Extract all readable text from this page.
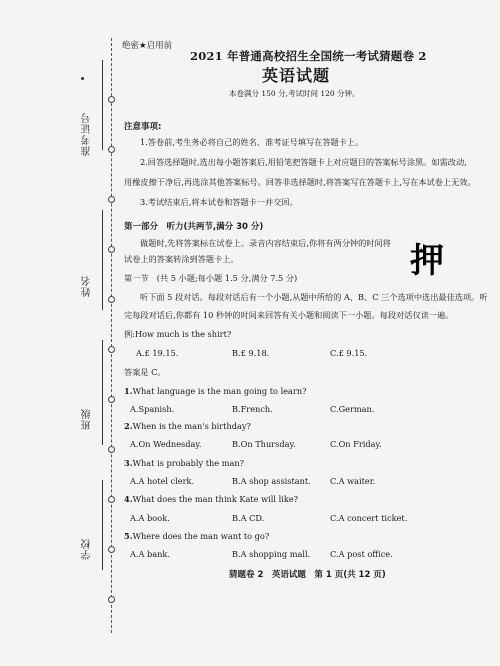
准考证号
姓名
班级
学校
绝密★启用前
2021 年普通高校招生全国统一考试猜题卷 2
英语试题
本卷满分 150 分,考试时间 120 分钟。
注意事项:
1.答卷前,考生务必将自己的姓名、准考证号填写在答题卡上。
2.回答选择题时,选出每小题答案后,用铅笔把答题卡上对应题目的答案标号涂黑。如需改动,
用橡皮擦干净后,再选涂其他答案标号。回答非选择题时,将答案写在答题卡上,写在本试卷上无效。
3.考试结束后,将本试卷和答题卡一并交回。
第一部分　听力(共两节,满分 30 分)
做题时,先将答案标在试卷上。录音内容结束后,你将有两分钟的时间将
试卷上的答案转涂到答题卡上。	押
第一节　(共 5 小题;每小题 1.5 分,满分 7.5 分)
听下面 5 段对话。每段对话后有一个小题,从题中所给的 A、B、C 三个选项中选出最佳选项。听
完每段对话后,你都有 10 秒钟的时间来回答有关小题和阅读下一小题。每段对话仅读一遍。
例:How much is the shirt?
A.£ 19.15.	B.£ 9.18.	C.£ 9.15.
答案是 C。
1.What language is the man going to learn?
A.Spanish.	B.French.	C.German.
2.When is the man's birthday?
A.On Wednesday.	B.On Thursday.	C.On Friday.
3.What is probably the man?
A.A hotel clerk.	B.A shop assistant. C.A waiter.
4.What does the man think Kate will like?
A.A book.	B.A CD.	C.A concert ticket.
5.Where does the man want to go?
A.A bank.	B.A shopping mall. C.A post office.
猜题卷 2　英语试题　第 1 页(共 12 页)
